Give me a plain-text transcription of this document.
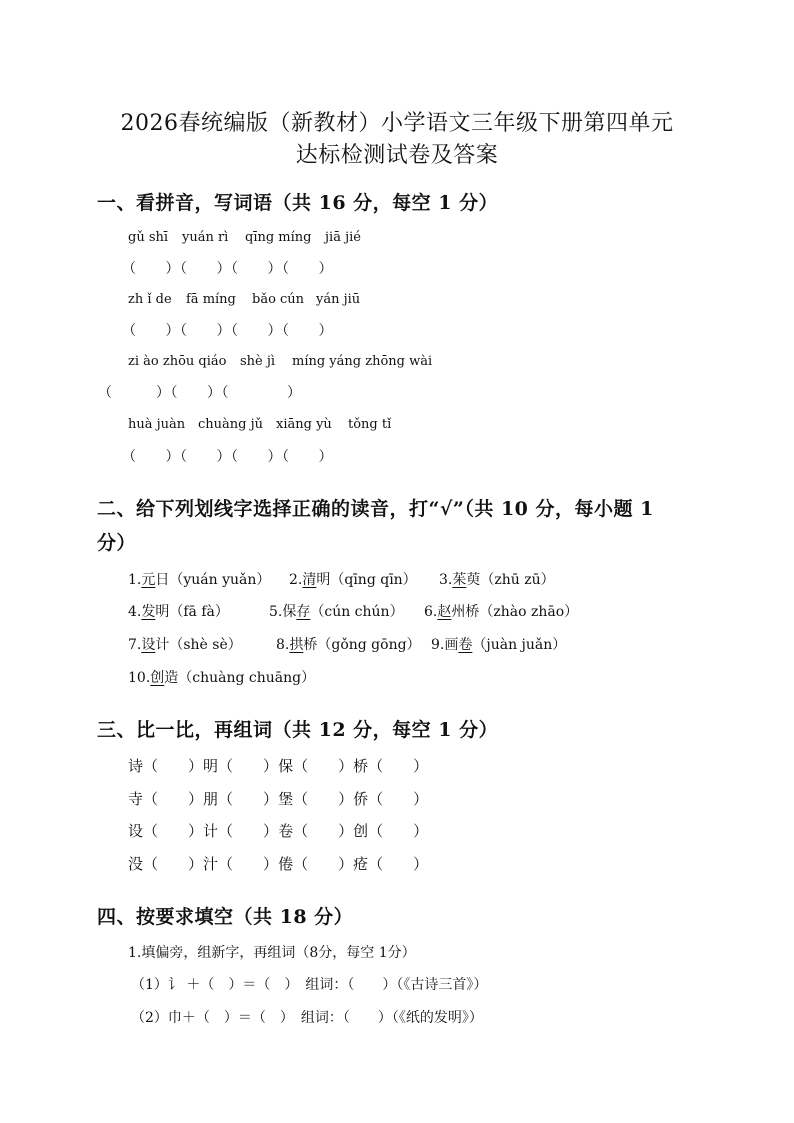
2026春统编版（新教材）小学语文三年级下册第四单元
达标检测试卷及答案
一、看拼音，写词语（共 16 分，每空 1 分）
gǔ shī yuán rì qīng míng jiā jié
（　　）（　　）（　　）（　　）
zh ǐ de fā míng bǎo cún yán jiū
（　　）（　　）（　　）（　　）
zi ào zhōu qiáo shè jì míng yáng zhōng wài
（　　　）（　　）（　　　　）
huà juàn chuàng jǔ xiāng yù tǒng tǐ
（　　）（　　）（　　）（　　）
二、给下列划线字选择正确的读音，打“√”（共 10 分，每小题 1
分）
1.元日（yuán yuǎn） 2.清明（qīng qīn） 3.茱萸（zhū zū）
4.发明（fā fà）	5.保存（cún chún） 6.赵州桥（zhào zhāo）
7.设计（shè sè） 8.拱桥（gǒng gōng） 9.画卷（juàn juǎn）
10.创造（chuàng chuāng）
三、比一比，再组词（共 12 分，每空 1 分）
诗（　　）明（　　）保（　　）桥（　　）
寺（　　）朋（　　）堡（　　）侨（　　）
设（　　）计（　　）卷（　　）创（　　）
没（　　）汁（　　）倦（　　）疮（　　）
四、按要求填空（共 18 分）
1.填偏旁，组新字，再组词（8分，每空 1分）
（1）讠 ＋（　）＝（　）　组词：（　　）（《古诗三首》）
（2）巾＋（　）＝（　）　组词：（　　）（《纸的发明》）
